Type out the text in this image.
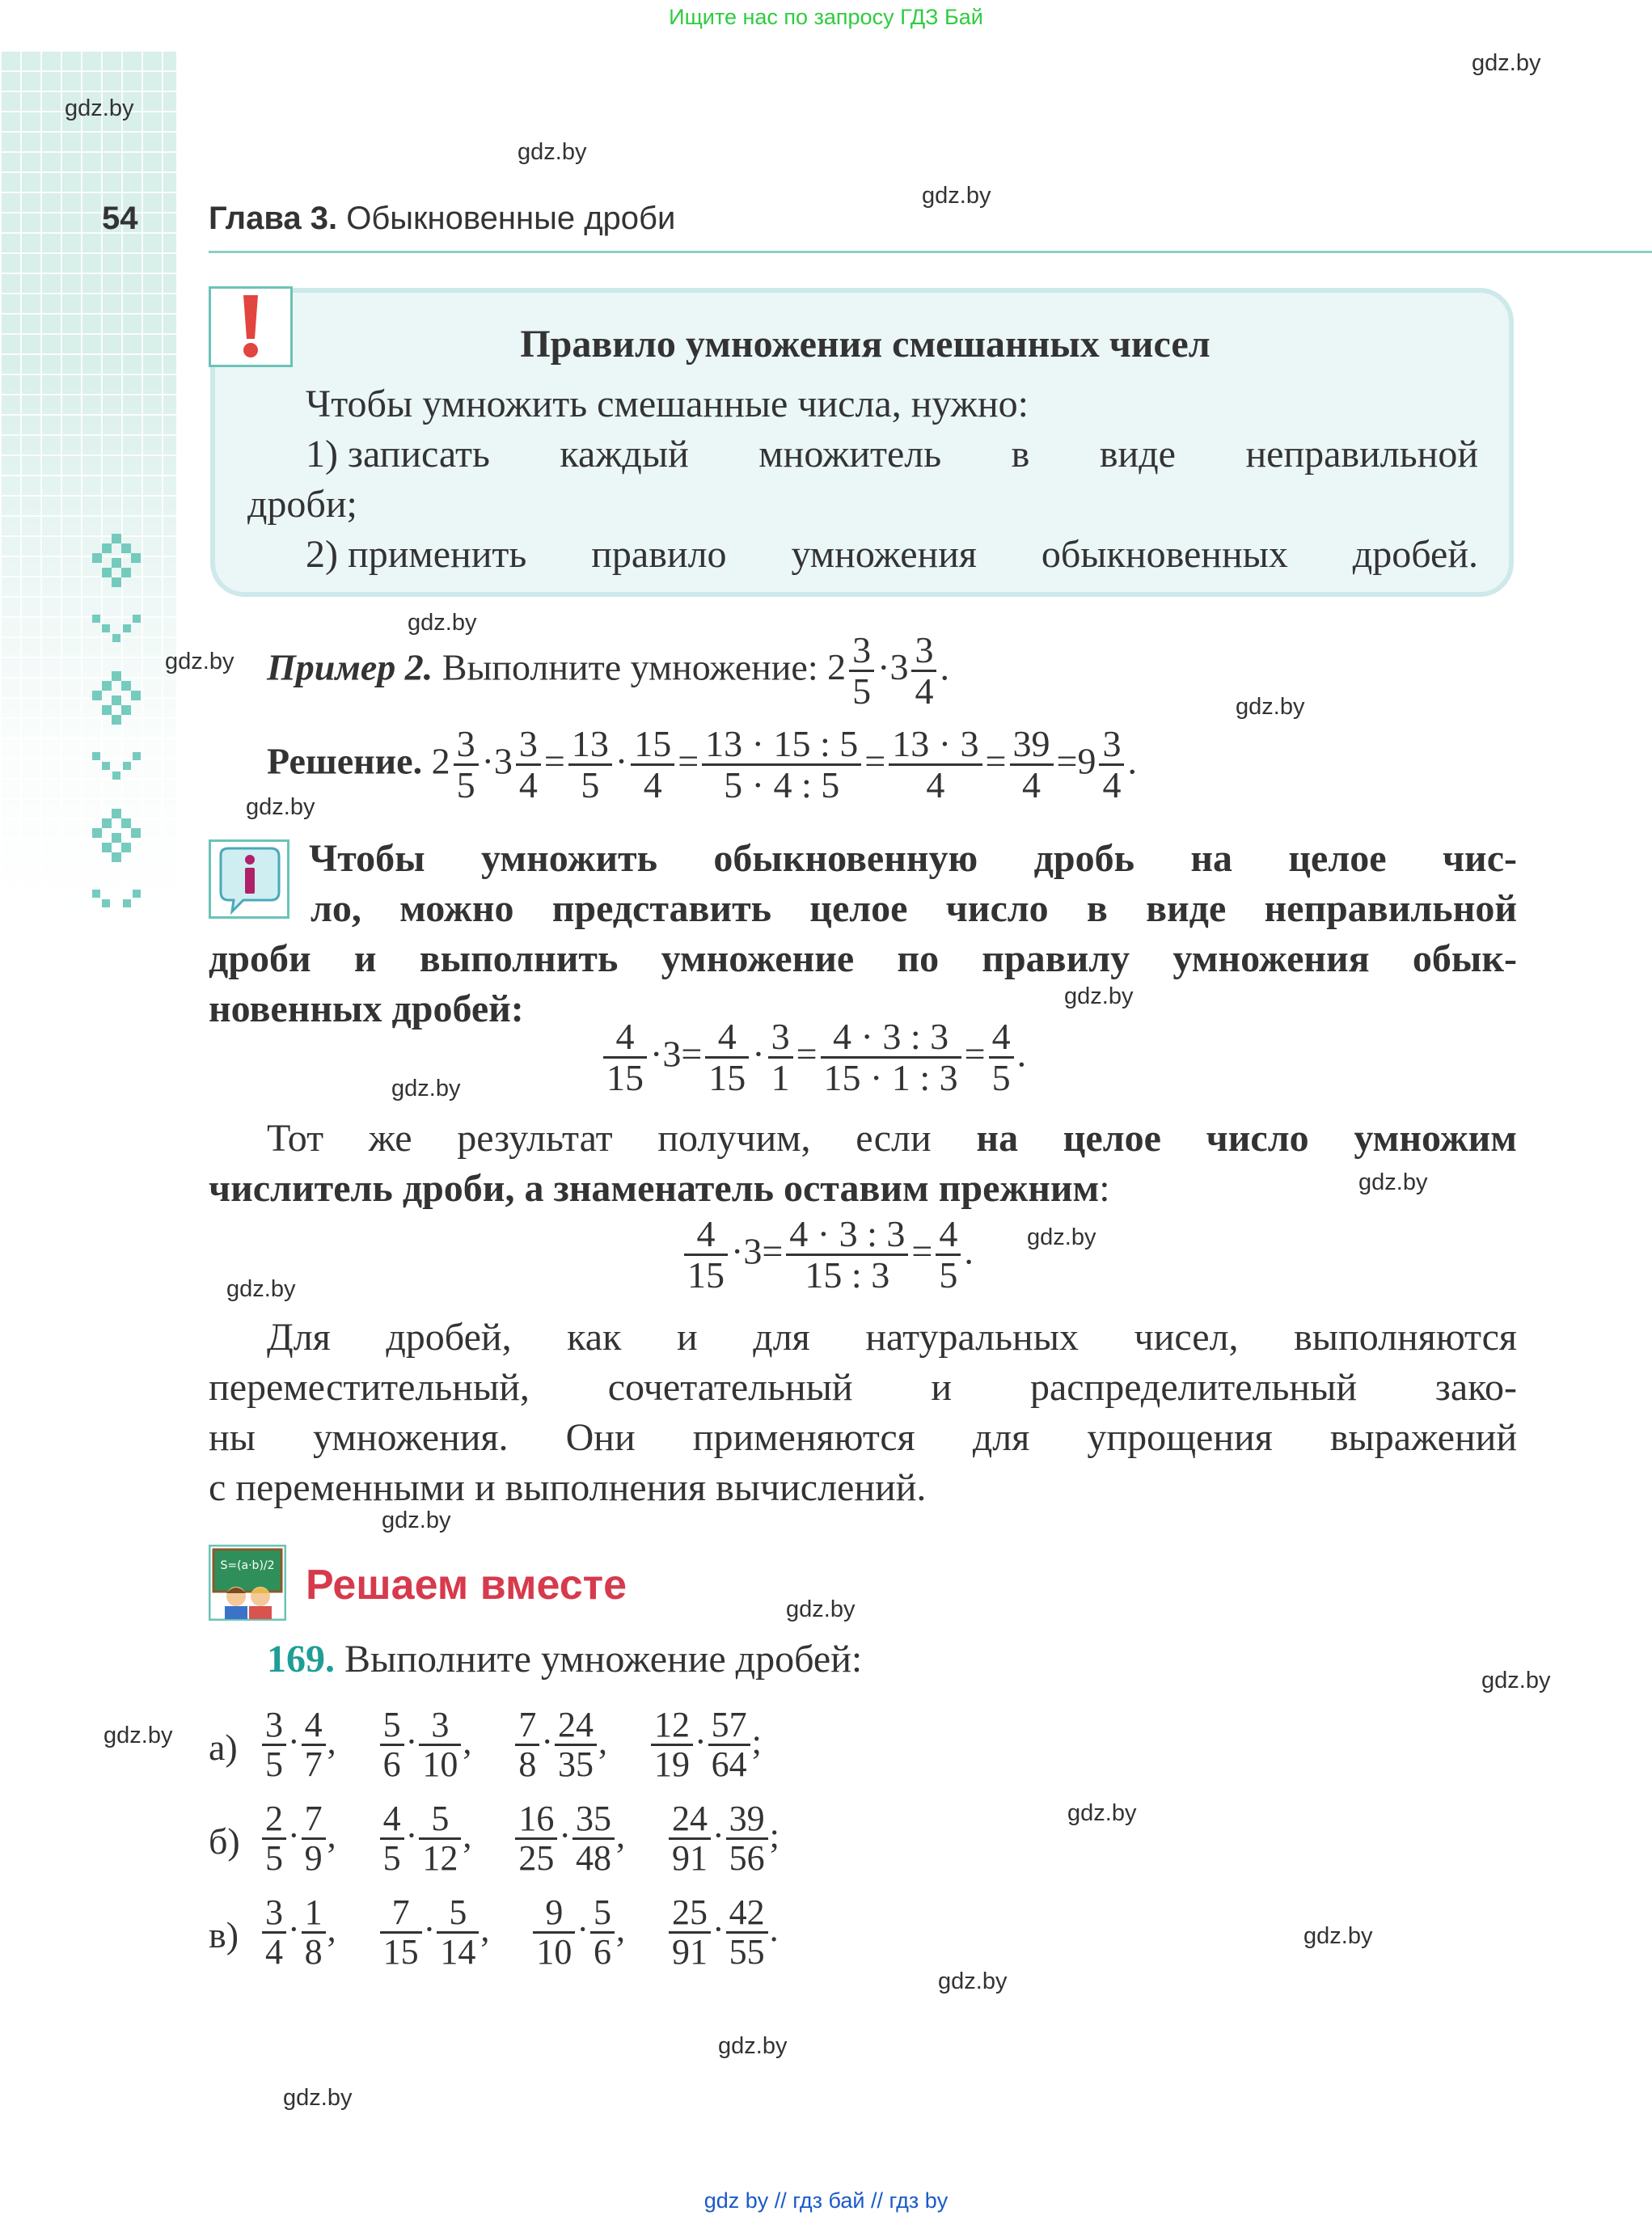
Ищите нас по запросу ГДЗ Бай
gdz by // гдз бай // гдз by
54 Глава 3. Обыкновенные дроби
gdz.by
gdz.by
gdz.by
gdz.by
gdz.by
gdz.by
gdz.by
gdz.by
gdz.by
gdz.by
gdz.by
gdz.by
gdz.by
gdz.by
gdz.by
gdz.by
gdz.by
gdz.by
gdz.by
gdz.by
gdz.by
gdz.by
Правило умножения смешанных чисел
Чтобы умножить смешанные числа, нужно:
1) записать каждый множитель в виде неправильной
дроби;
2) применить правило умножения обыкновенных дробей.
Пример 2. Выполните умножение: $2 \frac{3}{5} \cdot 3 \frac{3}{4}$ .
Решение. $2 \frac{3}{5} \cdot 3 \frac{3}{4} = \frac{13}{5} \cdot \frac{15}{4} = \frac{13 \cdot 15 : 5}{5 \cdot 4 : 5} = \frac{13 \cdot 3}{4} = \frac{39}{4} =9 \frac{3}{4}$ .
Чтобы умножить обыкновенную дробь на целое чис-
ло, можно представить целое число в виде неправильной
дроби и выполнить умножение по правилу умножения обык-
новенных дробей:
$\frac{4}{15} \cdot 3= \frac{4}{15} \cdot \frac{3}{1} = \frac{4 \cdot 3 : 3}{15 \cdot 1 : 3} = \frac{4}{5}$ .
Тот же результат получим, если на целое число умножим
числитель дроби, а знаменатель оставим прежним:
$\frac{4}{15} \cdot 3= \frac{4 \cdot 3 : 3}{15 : 3} = \frac{4}{5}$ .
Для дробей, как и для натуральных чисел, выполняются
переместительный, сочетательный и распределительный зако-
ны умножения. Они применяются для упрощения выражений
с переменными и выполнения вычислений.
S=(a·b)/2 Решаем вместе
169. Выполните умножение дробей:
$а) \frac{3}{5} \cdot \frac{4}{7}$ , $\frac{5}{6} \cdot \frac{3}{10}$ , $\frac{7}{8} \cdot \frac{24}{35}$ , $\frac{12}{19} \cdot \frac{57}{64}$ ;
$б) \frac{2}{5} \cdot \frac{7}{9}$ , $\frac{4}{5} \cdot \frac{5}{12}$ , $\frac{16}{25} \cdot \frac{35}{48}$ , $\frac{24}{91} \cdot \frac{39}{56}$ ;
$в) \frac{3}{4} \cdot \frac{1}{8}$ , $\frac{7}{15} \cdot \frac{5}{14}$ , $\frac{9}{10} \cdot \frac{5}{6}$ , $\frac{25}{91} \cdot \frac{42}{55}$ .
